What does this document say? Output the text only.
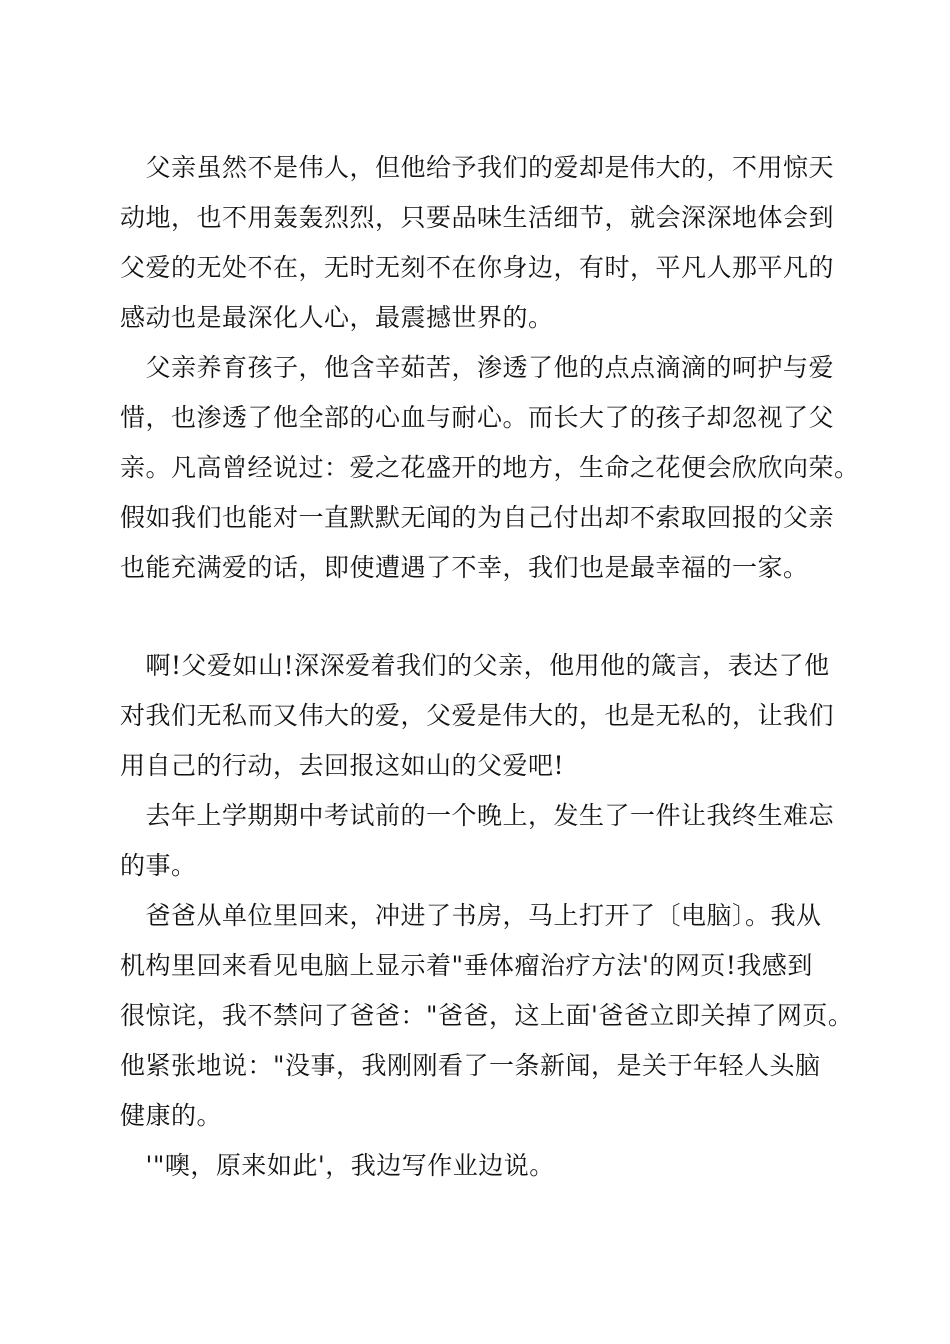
　父亲虽然不是伟人，但他给予我们的爱却是伟大的，不用惊天
动地，也不用轰轰烈烈，只要品味生活细节，就会深深地体会到
父爱的无处不在，无时无刻不在你身边，有时，平凡人那平凡的
感动也是最深化人心，最震撼世界的。
　父亲养育孩子，他含辛茹苦，渗透了他的点点滴滴的呵护与爱
惜，也渗透了他全部的心血与耐心。而长大了的孩子却忽视了父
亲。凡高曾经说过：爱之花盛开的地方，生命之花便会欣欣向荣。
假如我们也能对一直默默无闻的为自己付出却不索取回报的父亲
也能充满爱的话，即使遭遇了不幸，我们也是最幸福的一家。
　啊!父爱如山!深深爱着我们的父亲，他用他的箴言，表达了他
对我们无私而又伟大的爱，父爱是伟大的，也是无私的，让我们
用自己的行动，去回报这如山的父爱吧!
　去年上学期期中考试前的一个晚上，发生了一件让我终生难忘
的事。
　爸爸从单位里回来，冲进了书房，马上打开了〔电脑〕。我从
机构里回来看见电脑上显示着"垂体瘤治疗方法'的网页!我感到
很惊诧，我不禁问了爸爸："爸爸，这上面'爸爸立即关掉了网页。
他紧张地说："没事，我刚刚看了一条新闻，是关于年轻人头脑
健康的。
　'"噢，原来如此'，我边写作业边说。
